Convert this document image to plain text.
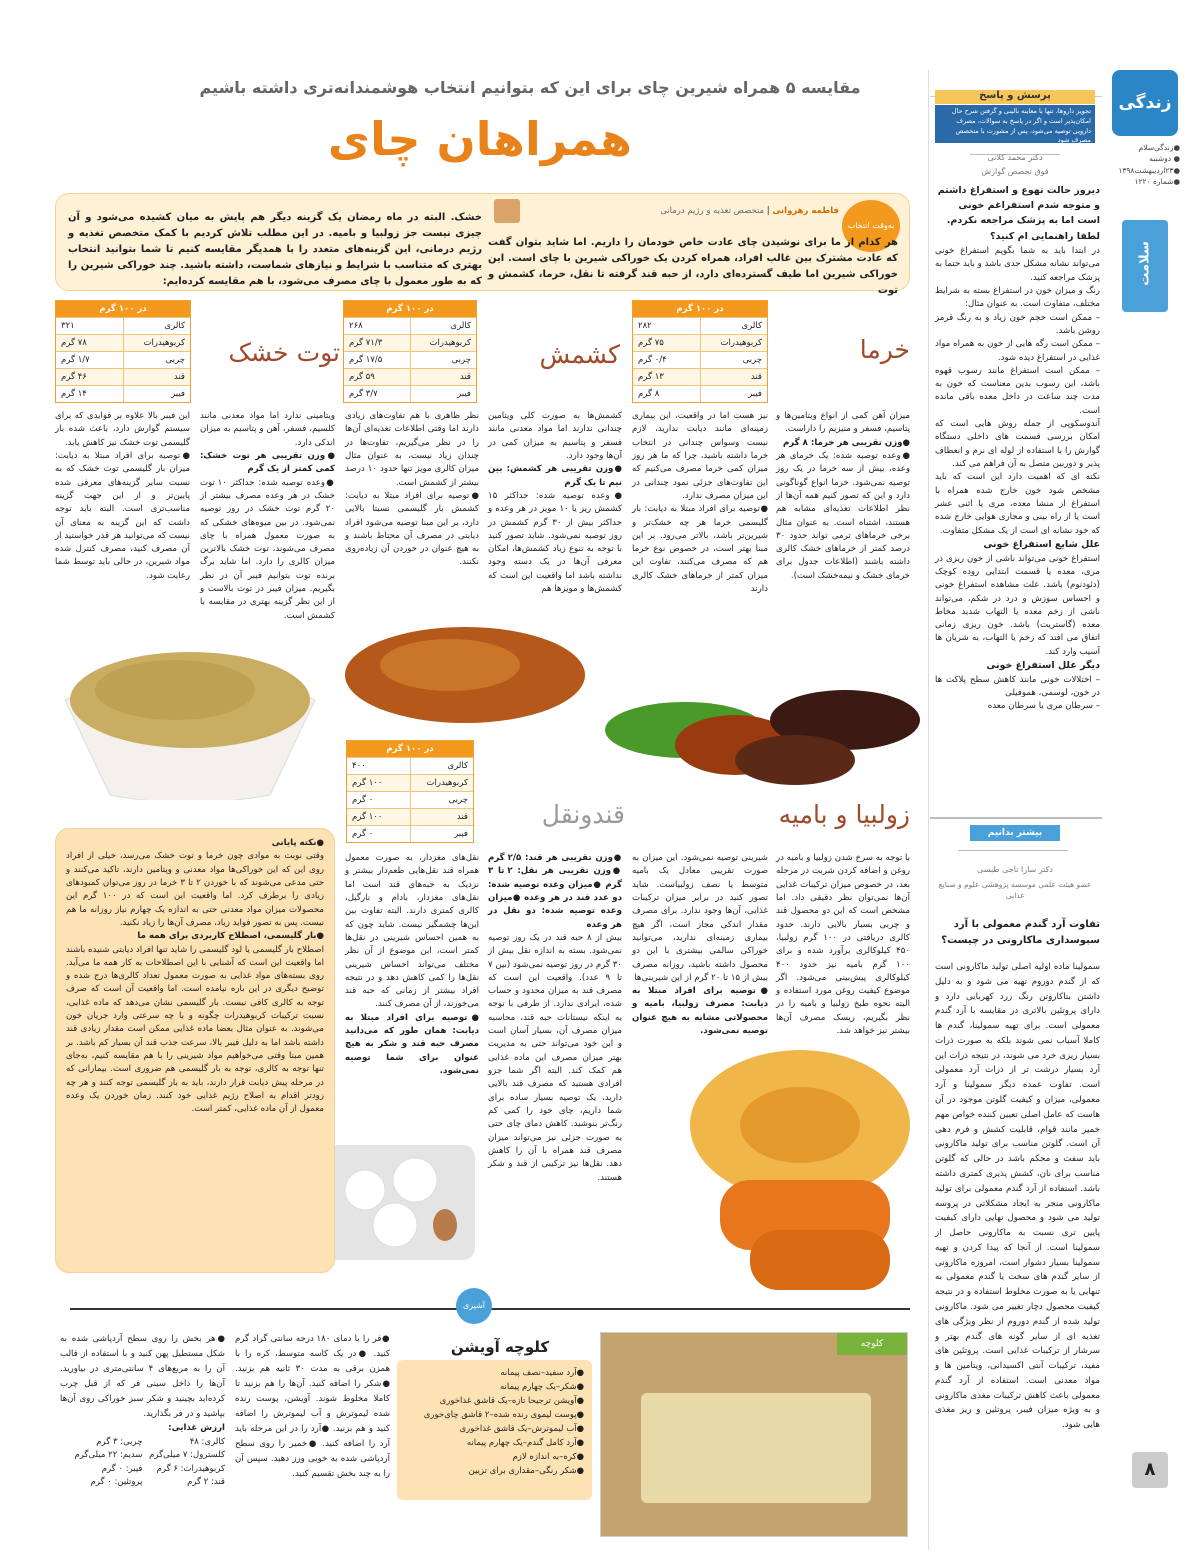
پرسش و پاسخ
تجویز داروها، تنها با معاینه بالینی و گرفتن شرح حال امکان‌پذیر است و اگر در پاسخ به سوالات، مصرف دارویی توصیه می‌شود، پس از مشورت با متخصص مصرف شود
دکتر محمد کلانی
فوق تخصص گوارش
دیروز حالت تهوع و استفراغ داشتم و متوجه شدم استفراغم خونی است اما به پزشک مراجعه نکردم. لطفا راهنمایی ام کنید؟

در ابتدا باید به شما بگویم استفراغ خونی می‌تواند نشانه مشکل جدی باشد و باید حتما به پزشک مراجعه کنید.

رنگ و میزان خون در استفراغ بسته به شرایط مختلف، متفاوت است. به عنوان مثال:

– ممکن است حجم خون زیاد و به رنگ قرمز روشن باشد.

– ممکن است رگه هایی از خون به همراه مواد غذایی در استفراغ دیده شود.

– ممکن است استفراغ مانند رسوب قهوه باشد، این رسوب بدین معناست که خون به مدت چند ساعت در داخل معده باقی مانده است.

آندوسکوپی از جمله روش هایی است که امکان بررسی قسمت های داخلی دستگاه گوارش را با استفاده از لوله ای نرم و انعطاف پذیر و دوربین متصل به آن فراهم می کند.

نکته ای که اهمیت دارد این است که باید مشخص شود خون خارج شده همراه با استفراغ از منشا معده، مری یا اثنی عشر است یا از راه بینی و مجاری هوایی خارج شده که خود نشانه ای است از یک مشکل متفاوت.

علل شایع استفراغ خونی

استفراغ خونی می‌تواند ناشی از خون ریزی در مری، معده یا قسمت ابتدایی روده کوچک (دئودنوم) باشد. علت مشاهده استفراغ خونی و احساس سوزش و درد در شکم، می‌تواند ناشی از زخم معده یا التهاب شدید مخاط معده (گاستریت) باشد. خون ریزی زمانی اتفاق می افتد که زخم یا التهاب، به شریان ها آسیب وارد کند.

دیگر علل استفراغ خونی

– اختلالات خونی مانند کاهش سطح پلاکت ها در خون، لوسمی، هموفیلی

– سرطان مری یا سرطان معده

بیشتر بدانیم
دکتر سارا تاجی طبسی
عضو هیئت علمی موسسه پژوهشی علوم و صنایع غذایی
تفاوت آرد گندم معمولی با آرد سبوسداری ماکارونی در چیست؟

سمولینا ماده اولیه اصلی تولید ماکارونی است که از گندم دوروم تهیه می شود و به دلیل داشتن بتاکاروتن رنگ زرد کهربایی دارد و دارای پروتئین بالاتری در مقایسه با آرد گندم معمولی است. برای تهیه سمولینا، گندم ها کاملا آسیاب نمی شوند بلکه به صورت ذرات بسیار ریزی خرد می شوند، در نتیجه ذرات این آرد بسیار درشت تر از ذرات آرد معمولی است. تفاوت عمده دیگر سمولینا و آرد معمولی، میزان و کیفیت گلوتن موجود در آن هاست که عامل اصلی تعیین کننده خواص مهم خمیر مانند قوام، قابلیت کشش و فرم دهی آن است. گلوتن مناسب برای تولید ماکارونی باید سفت و محکم باشد در حالی که گلوتن مناسب برای نان، کشش پذیری کمتری داشته باشد. استفاده از آرد گندم معمولی برای تولید ماکارونی منجر به ایجاد مشکلاتی در پروسه تولید می شود و محصول نهایی دارای کیفیت پایین تری نسبت به ماکارونی حاصل از سمولینا است. از آنجا که پیدا کردن و تهیه سمولینا بسیار دشوار است، امروزه ماکارونی از سایر گندم های سخت یا گندم معمولی به تنهایی یا به صورت مخلوط استفاده و در نتیجه کیفیت محصول دچار تغییر می شود. ماکارونی تولید شده از گندم دوروم از نظر ویژگی های تغذیه ای از سایر گونه های گندم بهتر و سرشار از ترکیبات غذایی است. پروتئین های مفید، ترکیبات آنتی اکسیدانی، ویتامین ها و مواد معدنی است. استفاده از آرد گندم معمولی باعث کاهش ترکیبات مغذی ماکارونی و به ویژه میزان فیبر، پروتئین و ریز مغذی هایی شود.

زندگی
●زندگی‌سلام
● دوشنبه
●۲۳اردیبهشت۱۳۹۸
●شماره ۱۲۲۰
سلامت
۸
مقایسه ۵ همراه شیرین چای برای این که بتوانیم انتخاب هوشمندانه‌تری داشته باشیم
همراهان چای
به‌وقت انتخاب
فاطمه رهروانی | متخصص تغذیه و رژیم درمانی

هر کدام از ما برای نوشیدن چای عادت خاص خودمان را داریم. اما شاید بتوان گفت که عادت مشترک بین غالب افراد، همراه کردن یک خوراکی شیرین با چای است. این خوراکی شیرین اما طیف گسترده‌ای دارد، از حبه قند گرفته تا نقل، خرما، کشمش و توت

خشک. البته در ماه رمضان یک گزینه دیگر هم پایش به میان کشیده می‌شود و آن چیزی نیست جز زولبیا و بامیه. در این مطلب تلاش کردیم با کمک متخصص تغذیه و رژیم درمانی، این گزینه‌های متعدد را با همدیگر مقایسه کنیم تا شما بتوانید انتخاب بهتری که متناسب با شرایط و نیازهای شماست، داشته باشید. چند خوراکی شیرین را که به طور معمول با چای مصرف می‌شود، با هم مقایسه کرده‌ایم:

در ۱۰۰ گرم
کالری
۲۸۲
کربوهیدرات
۷۵ گرم
چربی
۰/۴ گرم
قند
۱۳ گرم
فیبر
۸ گرم
در ۱۰۰ گرم
کالری
۲۶۸
کربوهیدرات
۷۱/۳ گرم
چربی
۱۷/۵ گرم
قند
۵۹ گرم
فیبر
۳/۷ گرم
در ۱۰۰ گرم
کالری
۳۲۱
کربوهیدرات
۷۸ گرم
چربی
۱/۷ گرم
قند
۴۶ گرم
فیبر
۱۴ گرم
در ۱۰۰ گرم
کالری
۴۰۰
کربوهیدرات
۱۰۰ گرم
چربی
۰ گرم
قند
۱۰۰ گرم
فیبر
۰ گرم
خرما
کشمش
توت خشک
زولبیا و بامیه
قندونقل

میزان آهن کمی از انواع ویتامین‌ها و پتاسیم، فسفر و منیزیم را داراست.

●وزن تقریبی هر خرما: ۸ گرم

●وعده توصیه شده: یک خرمای هر وعده، بیش از سه خرما در یک روز توصیه نمی‌شود. خرما انواع گوناگونی دارد و این که تصور کنیم همه آن‌ها از نظر اطلاعات تغذیه‌ای مشابه هم هستند، اشتباه است. به عنوان مثال برخی خرماهای ترمی تواند حدود ۳۰ درصد کمتر از خرماهای خشک کالری داشته باشند (اطلاعات جدول برای خرمای خشک و نیمه‌خشک است).

نیز هست اما در واقعیت، این بیماری زمینه‌ای مانند دیابت ندارید، لازم نیست وسواس چندانی در انتخاب خرما داشته باشید، چرا که ما هر روز میزان کمی خرما مصرف می‌کنیم که این تفاوت‌های جزئی نمود چندانی در این میزان مصرف ندارد.

●توصیه برای افراد مبتلا به دیابت: بار گلیسمی خرما هر چه خشک‌تر و شیرین‌تر باشد، بالاتر می‌رود. بر این مبنا بهتر است، در خصوص نوع خرما هم که مصرف می‌کنند، تفاوت این میزان کمتر از خرماهای خشک کالری دارند

کشمش‌ها به صورت کلی ویتامین چندانی ندارند اما مواد معدنی مانند فسفر و پتاسیم به میزان کمی در آن‌ها وجود دارد.

●وزن تقریبی هر کشمش: بین نیم تا یک گرم

●وعده توصیه شده: حداکثر ۱۵ کشمش ریز یا ۱۰ مویز در هر وعده و حداکثر بیش از ۳۰ گرم کشمش در روز توصیه نمی‌شود. شاید تصور کنید با توجه به تنوع زیاد کشمش‌ها، امکان معرفی آن‌ها در یک دسته وجود نداشته باشد اما واقعیت این است که کشمش‌ها و مویزها هم

نظر ظاهری با هم تفاوت‌های زیادی دارند اما وقتی اطلاعات تغذیه‌ای آن‌ها را در نظر می‌گیریم، تفاوت‌ها در چندان زیاد نیست، به عنوان مثال میزان کالری مویز تنها حدود ۱۰ درصد بیشتر از کشمش است.

●توصیه برای افراد مبتلا به دیابت: کشمش بار گلیسمی نسبتا بالایی دارد، بر این مبنا توصیه می‌شود افراد دیابتی در مصرف آن محتاط باشند و به هیچ عنوان در خوردن آن زیاده‌روی نکنند.

ویتامینی ندارد اما مواد معدنی مانند کلسیم، فسفر، آهن و پتاسیم به میزان اندکی دارد.

●وزن تقریبی هر توت خشک: کمی کمتر از یک گرم

●وعده توصیه شده: حداکثر ۱۰ توت خشک در هر وعده مصرف بیشتر از ۲۰ گرم توت خشک در روز توصیه نمی‌شود. در بین میوه‌های خشکی که به صورت معمول همراه با چای مصرف می‌شوند، توت خشک بالاترین میزان کالری را دارد. اما شاید برگ برنده توت بتوانیم فیبر آن در نظر بگیریم. میزان فیبر در توت بالاست و از این نظر گزینه بهتری در مقایسه با کشمش است.

این فیبر بالا علاوه بر فوایدی که برای سیستم گوارش دارد، باعث شده بار گلیسمی توت خشک نیز کاهش یابد.

●توصیه برای افراد مبتلا به دیابت: میزان بار گلیسمی توت خشک که به نسبت سایر گزینه‌های معرفی شده پایین‌تر و از این جهت گزینه مناسب‌تری است. البته باید توجه داشت که این گزینه به معنای آن نیست که می‌توانید هر قدر خواستید از آن مصرف کنید، مصرف کنترل شده مواد شیرین، در حالی باید توسط شما رعایت شود.

با توجه به سرخ شدن زولبیا و بامیه در روغن و اضافه کردن شربت در مرحله بعد، در خصوص میزان ترکیبات غذایی آن‌ها نمی‌توان نظر دقیقی داد. اما مشخص است که این دو محصول قند و چربی بسیار بالایی دارند. حدود کالری دریافتی در ۱۰۰ گرم زولبیا، ۴۵۰ کیلوکالری برآورد شده و برای ۱۰۰ گرم بامیه نیز حدود ۴۰۰ کیلوکالری پیش‌بینی می‌شود. اگر موضوع کیفیت روغن مورد استفاده و البته نحوه طبخ زولبیا و بامیه را در نظر بگیریم، ریسک مصرف آن‌ها بیشتر نیز خواهد شد.

شیرینی توصیه نمی‌شود. این میزان به صورت تقریبی معادل یک بامیه متوسط یا نصف زولبیاست. شاید تصور کنید در برابر میزان ترکیبات غذایی، آن‌ها وجود ندارد. برای مصرف مقدار اندکی مجاز است، اگر هیچ بیماری زمینه‌ای ندارید، می‌توانید خوراکی سالمی بیشتری با این دو محصول داشته باشید، روزانه مصرف بیش از ۱۵ تا ۲۰ گرم از این شیرینی‌ها

●توصیه برای افراد مبتلا به دیابت: مصرف زولبیا، بامیه و محصولاتی مشابه به هیچ عنوان توصیه نمی‌شود.

●وزن تقریبی هر قند: ۲/۵ گرم ●وزن تقریبی هر نقل: ۲ تا ۳ گرم ●میزان وعده توصیه شده: دو عدد قند در هر وعده ●میزان وعده توصیه شده: دو نقل در هر وعده

بیش از ۸ حبه قند در یک روز توصیه نمی‌شود. بسته به اندازه نقل بیش از ۳۰ گرم در روز توصیه نمی‌شود (بین ۷ تا ۹ عدد). واقعیت این است که مصرف قند به میزان محدود و حساب شده، ایرادی ندارد. از طرفی با توجه به اینکه نیستانات حبه قند، محاسبه میزان مصرف آن، بسیار آسان است و این خود می‌تواند حتی به مدیریت بهتر میزان مصرف این ماده غذایی هم کمک کند. البته اگر شما جزو افرادی هستید که مصرف قند بالایی دارید، یک توصیه بسیار ساده برای شما داریم، چای خود را کمی کم رنگ‌تر بنوشید. کاهش دمای چای حتی به صورت جزئی نیز می‌تواند میزان مصرف قند همراه با آن را کاهش دهد. نقل‌ها نیز ترکیبی از قند و شکر هستند.

نقل‌های مغزدار، به صورت معمول همراه قند نقل‌هایی طعم‌دار بیشتر و نزدیک به حبه‌های قند است اما نقل‌های مغزدار، بادام و نارگیل، کالری کمتری دارند. البته تفاوت بین این‌ها چشمگیر نیست. شاید چون که به همین احساس شیرینی در نقل‌ها کمتر است، این موضوع از آن نظر مختلف می‌تواند احساس شیرینی نقل‌ها را کمی کاهش دهد و در نتیجه افراد بیشتر از زمانی که حبه قند می‌خورند، از آن مصرف کنند.

●توصیه برای افراد مبتلا به دیابت: همان طور که می‌دانید مصرف حبه قند و شکر به هیچ عنوان برای شما توصیه نمی‌شود.

●نکته پایانی

وقتی نوبت به موادی چون خرما و توت خشک می‌رسد، خیلی از افراد روی این که این خوراکی‌ها مواد معدنی و ویتامین دارند، تاکید می‌کنند و حتی مدعی می‌شوند که با خوردن ۲ تا ۳ خرما در روز می‌توان کمبودهای زیادی را برطرف کرد. اما واقعیت این است که در ۱۰۰ گرم این محصولات میزان مواد معدنی حتی به اندازه یک چهارم نیاز روزانه ما هم نیست. پس به تصور فواید زیاد، مصرف آن‌ها را زیاد نکنید.

●بار گلیسمی، اصطلاح کاربردی برای همه ما

اصطلاح بار گلیسمی یا لود گلیسمی را شاید تنها افراد دیابتی شنیده باشند اما واقعیت این است که آشنایی با این اصطلاحات به کار همه ما می‌آید. روی بسته‌های مواد غذایی به صورت معمول تعداد کالری‌ها درج شده و توضیح دیگری در این باره نیامده است. اما واقعیت آن است که صرف توجه به کالری کافی نیست. بار گلیسمی نشان می‌دهد که ماده غذایی، نسبت ترکیبات کربوهیدرات چگونه و با چه سرعتی وارد جریان خون می‌شوند. به عنوان مثال بعضا ماده غذایی ممکن است مقدار زیادی قند داشته باشد اما به دلیل فیبر بالا، سرعت جذب قند آن بسیار کم باشد. بر همین مبنا وقتی می‌خواهیم مواد شیرینی را با هم مقایسه کنیم، به‌جای تنها توجه به کالری، توجه به بار گلیسمی هم ضروری است. بیمارانی که در مرحله پیش دیابت قرار دارند، باید به بار گلیسمی توجه کنند و هر چه زودتر اقدام به اصلاح رژیم غذایی خود کنند. زمان خوردن یک وعده معمول از آن ماده غذایی، کمتر است.

آشپزی
کلوچه
کلوچه آویشن
●آرد سفید–نصف پیمانه
●شکر–یک چهارم پیمانه
●آویشن ترجیحا تازه–یک قاشق غذاخوری
●پوست لیموی رنده شده–۲ قاشق چای‌خوری
●آب لیموترش–یک قاشق غذاخوری
●آرد کامل گندم–یک چهارم پیمانه
●کره–به اندازه لازم
●شکر رنگی–مقداری برای تزیین

●فر را با دمای ۱۸۰ درجه سانتی گراد گرم کنید. ●در یک کاسه متوسط، کره را با همزن برقی به مدت ۳۰ ثانیه هم بزنید. ●شکر را اضافه کنید. آن‌ها را هم بزنید تا کاملا مخلوط شوند. آویشن، پوست رنده شده لیموترش و آب لیموترش را اضافه کنید و هم بزنید. ●آرد را در این مرحله باید آرد را اضافه کنید. ●خمیر را روی سطح آردپاشی شده به خوبی ورز دهید. سپس آن را به چند بخش تقسیم کنید.

●هر بخش را روی سطح آردپاشی شده به شکل مستطیل پهن کنید و با استفاده از قالب آن را به مربع‌های ۴ سانتی‌متری در بیاورید. آن‌ها را داخل سینی فر که از قبل چرب کرده‌اید بچینید و شکر سبز خوراکی روی آن‌ها بپاشید و در فر بگذارید.

ارزش غذایی:

کالری: ۴۸
چربی: ۳ گرم
کلسترول: ۷ میلی‌گرم
سدیم: ۲۲ میلی‌گرم
کربوهیدرات: ۶ گرم
فیبر: ۰ گرم
قند: ۲ گرم
پروتئین: ۰ گرم
